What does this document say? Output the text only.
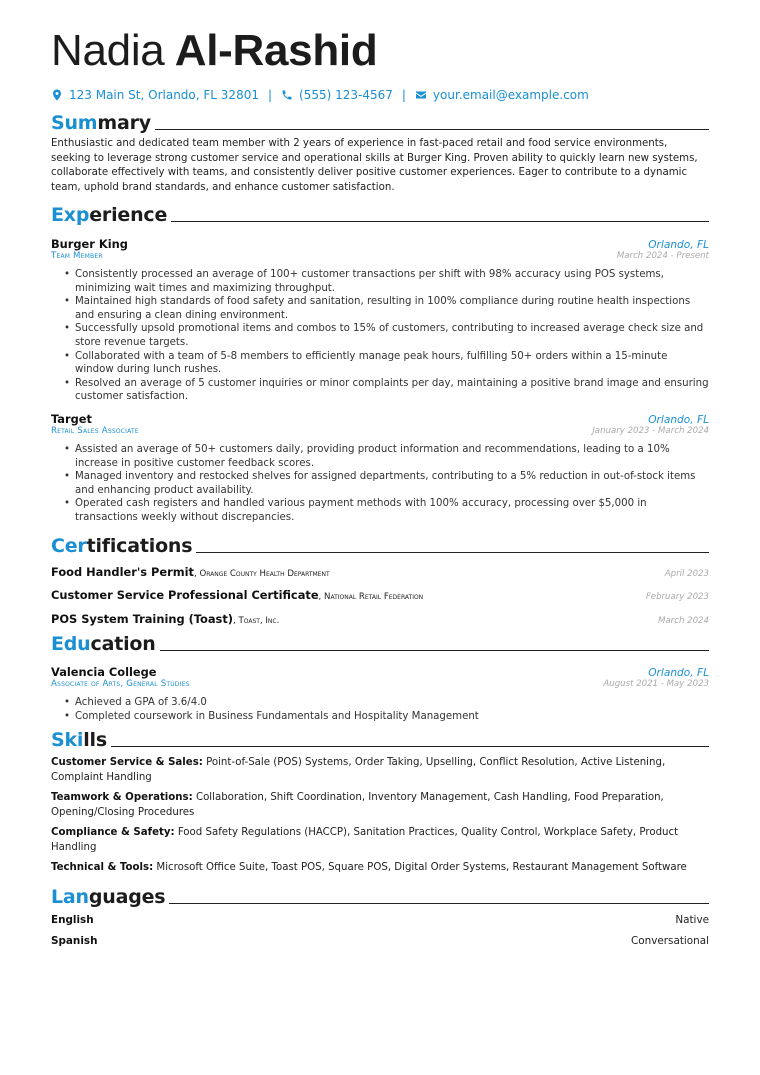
Nadia Al-Rashid
123 Main St, Orlando, FL 32801 | (555) 123-4567 | your.email@example.com
Summary

Enthusiastic and dedicated team member with 2 years of experience in fast-paced retail and food service environments, seeking to leverage strong customer service and operational skills at Burger King. Proven ability to quickly learn new systems, collaborate effectively with teams, and consistently deliver positive customer experiences. Eager to contribute to a dynamic team, uphold brand standards, and enhance customer satisfaction.

Experience
Burger King	Orlando, FL
Team Member	March 2024 - Present
• Consistently processed an average of 100+ customer transactions per shift with 98% accuracy using POS systems, minimizing wait times and maximizing throughput.
• Maintained high standards of food safety and sanitation, resulting in 100% compliance during routine health inspections and ensuring a clean dining environment.
• Successfully upsold promotional items and combos to 15% of customers, contributing to increased average check size and store revenue targets.
• Collaborated with a team of 5-8 members to efficiently manage peak hours, fulfilling 50+ orders within a 15-minute window during lunch rushes.
• Resolved an average of 5 customer inquiries or minor complaints per day, maintaining a positive brand image and ensuring customer satisfaction.
Target	Orlando, FL
Retail Sales Associate	January 2023 - March 2024
• Assisted an average of 50+ customers daily, providing product information and recommendations, leading to a 10% increase in positive customer feedback scores.
• Managed inventory and restocked shelves for assigned departments, contributing to a 5% reduction in out-of-stock items and enhancing product availability.
• Operated cash registers and handled various payment methods with 100% accuracy, processing over $5,000 in transactions weekly without discrepancies.
Certifications
Food Handler's Permit, Orange County Health Department	April 2023
Customer Service Professional Certificate, National Retail Federation	February 2023
POS System Training (Toast), Toast, Inc.	March 2024
Education
Valencia College	Orlando, FL
Associate of Arts, General Studies	August 2021 - May 2023
• Achieved a GPA of 3.6/4.0
• Completed coursework in Business Fundamentals and Hospitality Management
Skills
Customer Service & Sales: Point-of-Sale (POS) Systems, Order Taking, Upselling, Conflict Resolution, Active Listening, Complaint Handling
Teamwork & Operations: Collaboration, Shift Coordination, Inventory Management, Cash Handling, Food Preparation, Opening/Closing Procedures
Compliance & Safety: Food Safety Regulations (HACCP), Sanitation Practices, Quality Control, Workplace Safety, Product Handling
Technical & Tools: Microsoft Office Suite, Toast POS, Square POS, Digital Order Systems, Restaurant Management Software
Languages
English	Native
Spanish	Conversational
